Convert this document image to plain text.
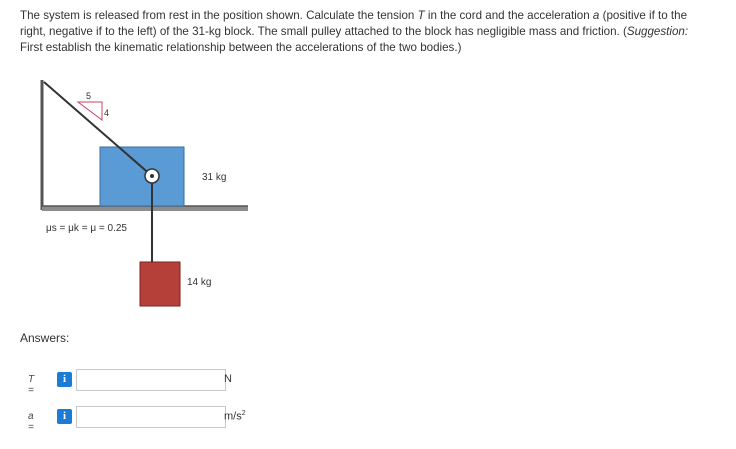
The system is released from rest in the position shown. Calculate the tension T in the cord and the acceleration a (positive if to the right, negative if to the left) of the 31-kg block. The small pulley attached to the block has negligible mass and friction. (Suggestion: First establish the kinematic relationship between the accelerations of the two bodies.)
5
4
31 kg
14 kg
μs = μk = μ = 0.25
Answers:
T =
i	N
a =
i	$m/s^2$
